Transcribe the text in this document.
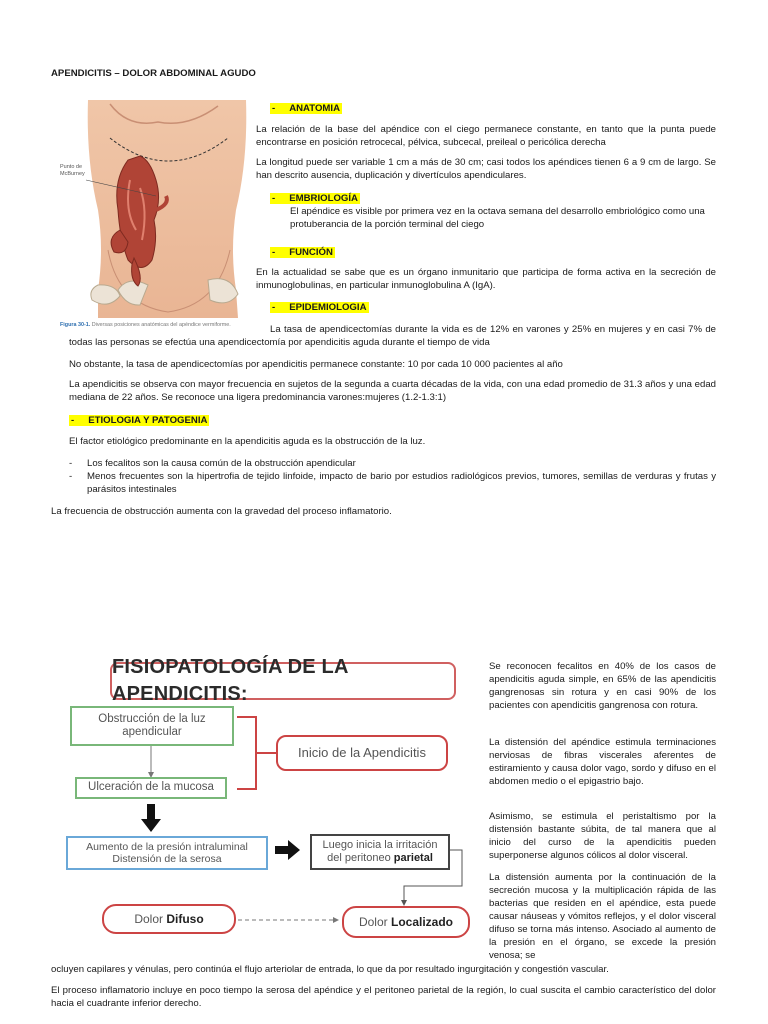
APENDICITIS – DOLOR ABDOMINAL AGUDO
Punto de McBurney
Figura 30-1. Diversas posiciones anatómicas del apéndice vermiforme.
- ANATOMIA

La relación de la base del apéndice con el ciego permanece constante, en tanto que la punta puede encontrarse en posición retrocecal, pélvica, subcecal, preileal o pericólica derecha

La longitud puede ser variable 1 cm a más de 30 cm; casi todos los apéndices tienen 6 a 9 cm de largo. Se han descrito ausencia, duplicación y divertículos apendiculares.

- EMBRIOLOGÍA

El apéndice es visible por primera vez en la octava semana del desarrollo embriológico como una protuberancia de la porción terminal del ciego

- FUNCIÓN

En la actualidad se sabe que es un órgano inmunitario que participa de forma activa en la secreción de inmunoglobulinas, en particular inmunoglobulina A (IgA).

- EPIDEMIOLOGIA

La tasa de apendicectomías durante la vida es de 12% en varones y 25% en mujeres y en casi 7% de todas las personas se efectúa una apendicectomía por apendicitis aguda durante el tiempo de vida

No obstante, la tasa de apendicectomías por apendicitis permanece constante: 10 por cada 10 000 pacientes al año

La apendicitis se observa con mayor frecuencia en sujetos de la segunda a cuarta décadas de la vida, con una edad promedio de 31.3 años y una edad mediana de 22 años. Se reconoce una ligera predominancia varones:mujeres (1.2-1.3:1)

- ETIOLOGIA Y PATOGENIA

El factor etiológico predominante en la apendicitis aguda es la obstrucción de la luz.

- Los fecalitos son la causa común de la obstrucción apendicular
- Menos frecuentes son la hipertrofia de tejido linfoide, impacto de bario por estudios radiológicos previos, tumores, semillas de verduras y frutas y parásitos intestinales

La frecuencia de obstrucción aumenta con la gravedad del proceso inflamatorio.

FISIOPATOLOGÍA DE LA APENDICITIS:
Obstrucción de la luz apendicular
Ulceración de la mucosa
Inicio de la Apendicitis
Aumento de la presión intraluminal
Distensión de la serosa
Luego inicia la irritación
del peritoneo parietal
Dolor Difuso	Dolor Localizado

Se reconocen fecalitos en 40% de los casos de apendicitis aguda simple, en 65% de las apendicitis gangrenosas sin rotura y en casi 90% de los pacientes con apendicitis gangrenosa con rotura.

La distensión del apéndice estimula terminaciones nerviosas de fibras viscerales aferentes de estiramiento y causa dolor vago, sordo y difuso en el abdomen medio o el epigastrio bajo.

Asimismo, se estimula el peristaltismo por la distensión bastante súbita, de tal manera que al inicio del curso de la apendicitis pueden superponerse algunos cólicos al dolor visceral.

La distensión aumenta por la continuación de la secreción mucosa y la multiplicación rápida de las bacterias que residen en el apéndice, esta puede causar náuseas y vómitos reflejos, y el dolor visceral difuso se torna más intenso. Asociado al aumento de la presión en el órgano, se excede la presión venosa; se

ocluyen capilares y vénulas, pero continúa el flujo arteriolar de entrada, lo que da por resultado ingurgitación y congestión vascular.

El proceso inflamatorio incluye en poco tiempo la serosa del apéndice y el peritoneo parietal de la región, lo cual suscita el cambio característico del dolor hacia el cuadrante inferior derecho.
